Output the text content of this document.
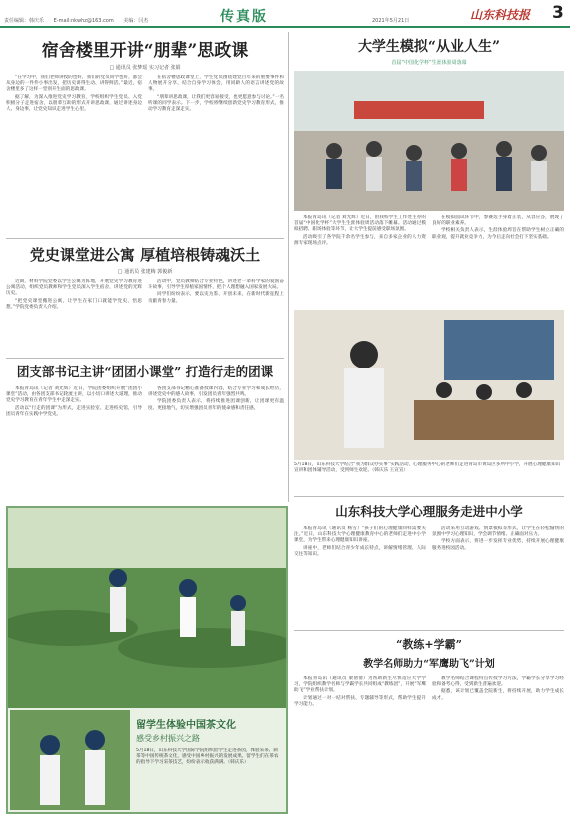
责任编辑：韩庆乐 E-mail:nkwhz@163.com 美编：闫杰	传真版	2021年5月21日	山东科技报 3
宿舍楼里开讲“朋辈”思政课
□ 通讯员 张梦瑶 实习记者 张娟

“在学习中，我们老师讲授的也好，我们的党员同学也好，都会从身边的一件件小事出发，把历史讲得生动、讲得鲜活。”最近，宿舍楼里多了这样一堂别开生面的思政课。

据了解，为深入推进党史学习教育，学校组织学生党员、入党积极分子走进宿舍，以朋辈互助的形式开讲思政课，通过讲述身边人、身边事，让党史知识走进学生心里。

在宿舍楼思政课堂上，学生党员围绕建党百年来的重要事件和人物展开分享，结合自身学习体会，用同龄人的语言讲述党的故事。

“朋辈讲思政课，让我们更容易接受，也更愿意参与讨论。”一名听课的同学表示。下一步，学校将继续创新党史学习教育形式，推动学习教育走深走实。

党史课堂进公寓 厚植培根铸魂沃土
□ 通讯员 张建梅 郭俊新

近期，材料学院党委以学生公寓为阵地，开展党史学习教育进公寓活动，组织党员教师和学生党员深入学生宿舍，讲述党的光辉历史。

“把党史课堂搬进公寓，让学生在家门口就能学党史、悟思想。”学院党委负责人介绍。

活动中，党员教师结合专业特色，讲述老一辈科学家的爱国奋斗故事，引导学生厚植家国情怀，把个人理想融入国家发展大局。

同学们纷纷表示，要以史为鉴、开创未来，在新时代新征程上贡献青春力量。

团支部书记主讲“团团小课堂” 打造行走的团课

本报青岛讯（记者 刘光辉）近日，学院团委组织开展“团团小课堂”活动，由各团支部书记轮流主讲，以小切口讲述大道理，推动党史学习教育在青年学生中走深走实。

活动以“行走的团课”为形式，走进实验室、走进校史馆，引导团员青年在实践中学党史。

各团支部书记精心准备授课内容，结合专业学习和成长经历，讲述党史中的感人故事，引发团员青年强烈共鸣。

学院团委负责人表示，将持续推进团课创新，让团课更有温度、更接地气，切实增强团员青年的使命感和责任感。

大学生模拟“从业人生”
首届“中国化学杯”生涯体验周落幕

本报青岛讯（记者 刘光辉）近日，由我校学生工作处主办的首届“中国化学杯”大学生生涯体验周活动落下帷幕。活动通过模拟招聘、职场体验等环节，让大学生提前感受职场氛围。

活动吸引了各学院千余名学生参与，来自多家企业的人力资源专家现场点评。

在模拟面试环节中，参赛选手身着正装，从容应答，展现了良好的职业素养。

学校相关负责人表示，生涯体验周旨在帮助学生树立正确的职业观，提升就业竞争力，为今后走向社会打下坚实基础。

5月18日，山东科技大学结合“我为群众办实事”实践活动，心理服务中心的老师们走进青岛市黄岛区多所中小学，开展心理健康知识宣讲和团体辅导活动，受到师生欢迎。（韩庆乐 王宣宣）
山东科技大学心理服务走进中小学

本报青岛讯（通讯员 杨雪）“孩子们的心理健康同样需要关注。”近日，山东科技大学心理健康教育中心的老师们走进中小学课堂，为学生带来心理健康知识讲座。

讲座中，老师们结合青少年成长特点，讲解情绪管理、人际交往等知识。

活动采用互动游戏、情景模拟等形式，让学生在轻松愉快的氛围中学习心理知识，学会调节情绪、正确面对压力。

学校方面表示，将进一步发挥专业优势，持续开展心理健康服务进校园活动。

“教练+学霸”
教学名师助力“军鹰助飞”计划

本报青岛讯（通讯员 梁倩倩）为帮助新生尽快适应大学学习，学院组织教学名师与学霸学长共同组成“教练团”，开展“军鹰助飞”学业帮扶计划。

计划通过一对一结对帮扶、专题辅导等形式，帮助学生提升学习能力。

教学名师结合课程特点传授学习方法，学霸学长分享学习经验和备考心得，受到新生普遍欢迎。

据悉，该计划已覆盖全院新生，将持续开展，助力学生成长成才。

留学生体验中国茶文化
感受乡村振兴之路
5月18日，山东科技大学国际学院组织留学生走进茶园，体验采茶、制茶等中国传统茶文化，感受中国乡村振兴的发展成果。留学生们在茶农的指导下学习采茶技艺，纷纷表示收获满满。（韩庆乐）
